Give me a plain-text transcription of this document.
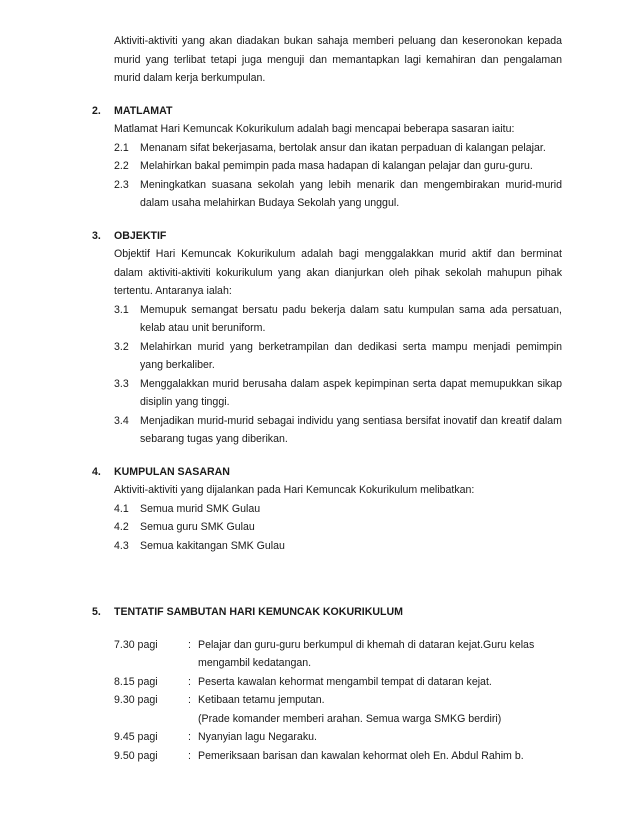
Aktiviti-aktiviti yang akan diadakan bukan sahaja memberi peluang dan keseronokan kepada murid yang terlibat tetapi juga menguji dan memantapkan lagi kemahiran dan pengalaman murid dalam kerja berkumpulan.
2.	MATLAMAT
Matlamat Hari Kemuncak Kokurikulum adalah bagi mencapai beberapa sasaran iaitu:
2.1	Menanam sifat bekerjasama, bertolak ansur dan ikatan perpaduan di kalangan pelajar.
2.2	Melahirkan bakal pemimpin pada masa hadapan di kalangan pelajar dan guru-guru.
2.3	Meningkatkan suasana sekolah yang lebih menarik dan mengembirakan murid-murid dalam usaha melahirkan Budaya Sekolah yang unggul.
3.	OBJEKTIF
Objektif Hari Kemuncak Kokurikulum adalah bagi menggalakkan murid aktif dan berminat dalam aktiviti-aktiviti kokurikulum yang akan dianjurkan oleh pihak sekolah mahupun pihak tertentu. Antaranya ialah:
3.1	Memupuk semangat bersatu padu bekerja dalam satu kumpulan sama ada persatuan, kelab atau unit beruniform.
3.2	Melahirkan murid yang berketrampilan dan dedikasi serta mampu menjadi pemimpin yang berkaliber.
3.3	Menggalakkan murid berusaha dalam aspek kepimpinan serta dapat memupukkan sikap disiplin yang tinggi.
3.4	Menjadikan murid-murid sebagai individu yang sentiasa bersifat inovatif dan kreatif dalam sebarang tugas yang diberikan.
4.	KUMPULAN SASARAN
Aktiviti-aktiviti yang dijalankan pada Hari Kemuncak Kokurikulum melibatkan:
4.1	Semua murid SMK Gulau
4.2	Semua guru SMK Gulau
4.3	Semua kakitangan SMK Gulau
5.	TENTATIF SAMBUTAN HARI KEMUNCAK KOKURIKULUM
7.30 pagi	: Pelajar dan guru-guru berkumpul di khemah di dataran kejat.Guru kelas mengambil kedatangan.
8.15 pagi	: Peserta kawalan kehormat mengambil tempat di dataran kejat.
9.30 pagi	: Ketibaan tetamu jemputan.
(Prade komander memberi arahan. Semua warga SMKG berdiri)
9.45 pagi	: Nyanyian lagu Negaraku.
9.50 pagi	: Pemeriksaan barisan dan kawalan kehormat oleh En. Abdul Rahim b.
